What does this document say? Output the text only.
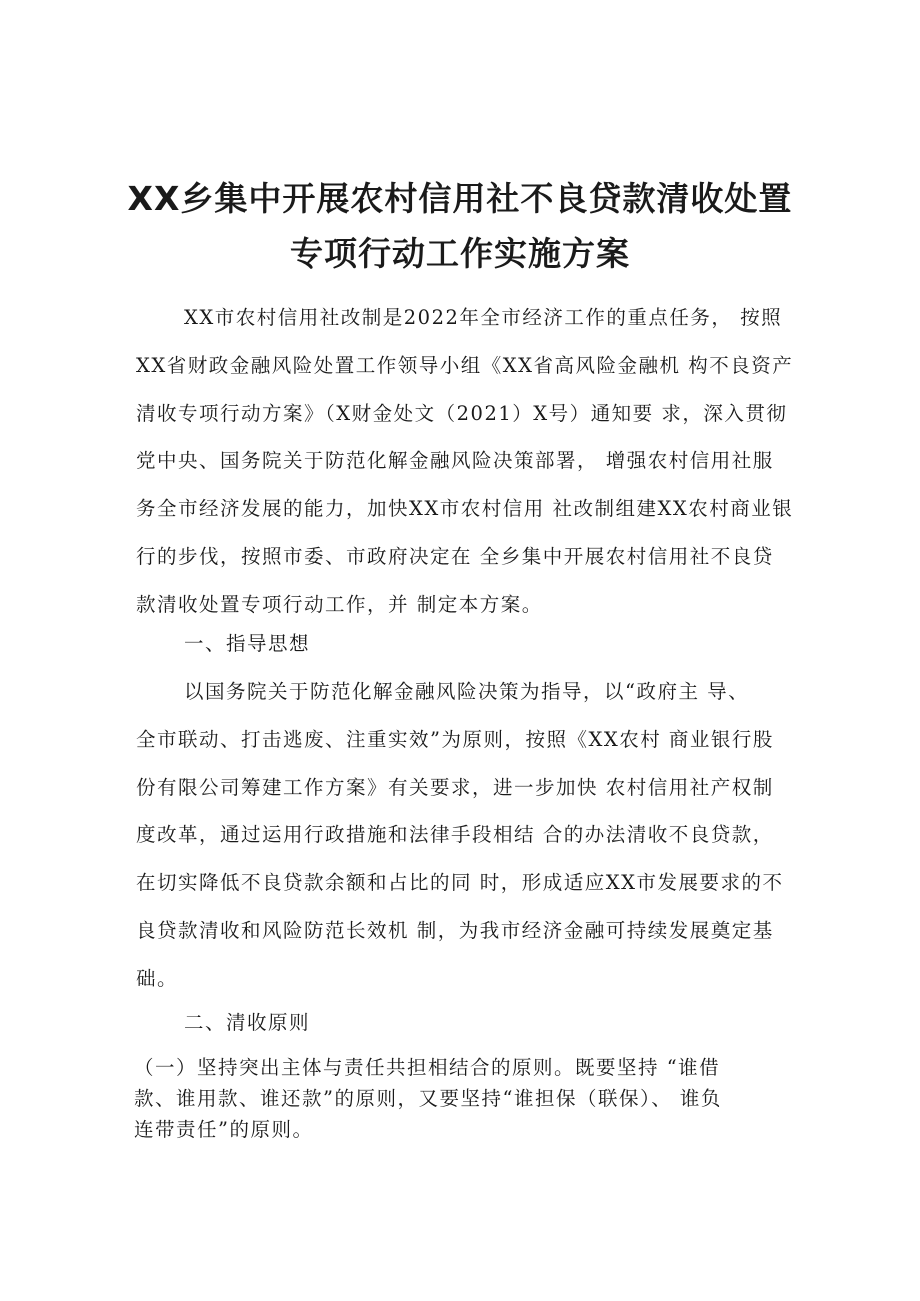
XX乡集中开展农村信用社不良贷款清收处置
专项行动工作实施方案
XX市农村信用社改制是2022年全市经济工作的重点任务， 按照
XX省财政金融风险处置工作领导小组《XX省高风险金融机 构不良资产
清收专项行动方案》（X财金处文（2021）X号）通知要 求，深入贯彻
党中央、国务院关于防范化解金融风险决策部署， 增强农村信用社服
务全市经济发展的能力，加快XX市农村信用 社改制组建XX农村商业银
行的步伐，按照市委、市政府决定在 全乡集中开展农村信用社不良贷
款清收处置专项行动工作，并 制定本方案。
一、指导思想
以国务院关于防范化解金融风险决策为指导，以“政府主 导、
全市联动、打击逃废、注重实效”为原则，按照《XX农村 商业银行股
份有限公司筹建工作方案》有关要求，进一步加快 农村信用社产权制
度改革，通过运用行政措施和法律手段相结 合的办法清收不良贷款，
在切实降低不良贷款余额和占比的同 时，形成适应XX市发展要求的不
良贷款清收和风险防范长效机 制，为我市经济金融可持续发展奠定基
础。
二、清收原则
（一）坚持突出主体与责任共担相结合的原则。既要坚持 “谁借
款、谁用款、谁还款”的原则，又要坚持“谁担保（联保）、 谁负
连带责任”的原则。
